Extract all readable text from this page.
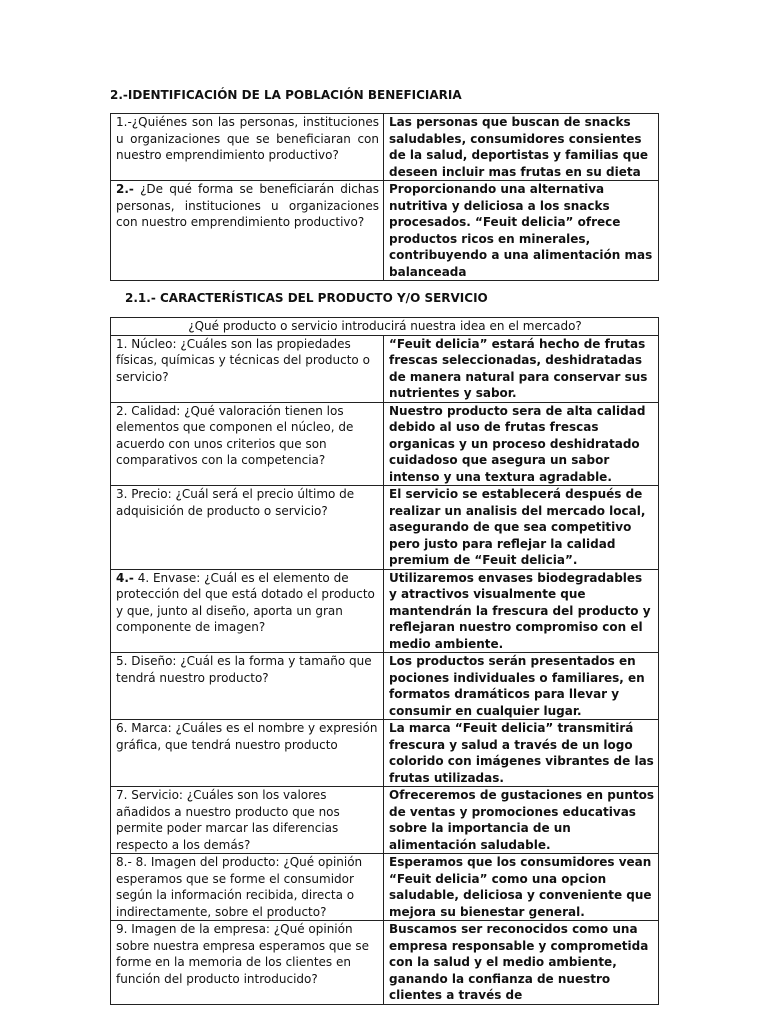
2.-IDENTIFICACIÓN DE LA POBLACIÓN BENEFICIARIA
1.-¿Quiénes son las personas, instituciones u organizaciones que se beneficiaran con nuestro emprendimiento productivo?	Las personas que buscan de snacks saludables, consumidores consientes de la salud, deportistas y familias que deseen incluir mas frutas en su dieta
2.- ¿De qué forma se beneficiarán dichas personas, instituciones u organizaciones con nuestro emprendimiento productivo?	Proporcionando una alternativa nutritiva y deliciosa a los snacks procesados. “Feuit delicia” ofrece productos ricos en minerales, contribuyendo a una alimentación mas balanceada
2.1.- CARACTERÍSTICAS DEL PRODUCTO Y/O SERVICIO
¿Qué producto o servicio introducirá nuestra idea en el mercado?	
1. Núcleo: ¿Cuáles son las propiedades físicas, químicas y técnicas del producto o servicio?	“Feuit delicia” estará hecho de frutas frescas seleccionadas, deshidratadas de manera natural para conservar sus nutrientes y sabor.
2. Calidad: ¿Qué valoración tienen los elementos que componen el núcleo, de acuerdo con unos criterios que son comparativos con la competencia?	Nuestro producto sera de alta calidad debido al uso de frutas frescas organicas y un proceso deshidratado cuidadoso que asegura un sabor intenso y una textura agradable.
3. Precio: ¿Cuál será el precio último de adquisición de producto o servicio?	El servicio se establecerá después de realizar un analisis del mercado local, asegurando de que sea competitivo pero justo para reflejar la calidad premium de “Feuit delicia”.
4.- 4. Envase: ¿Cuál es el elemento de protección del que está dotado el producto y que, junto al diseño, aporta un gran componente de imagen?	Utilizaremos envases biodegradables y atractivos visualmente que mantendrán la frescura del producto y reflejaran nuestro compromiso con el medio ambiente.
5. Diseño: ¿Cuál es la forma y tamaño que tendrá nuestro producto?	Los productos serán presentados en pociones individuales o familiares, en formatos dramáticos para llevar y consumir en cualquier lugar.
6. Marca: ¿Cuáles es el nombre y expresión gráfica, que tendrá nuestro producto	La marca “Feuit delicia” transmitirá frescura y salud a través de un logo colorido con imágenes vibrantes de las frutas utilizadas.
7. Servicio: ¿Cuáles son los valores añadidos a nuestro producto que nos permite poder marcar las diferencias respecto a los demás?	Ofreceremos de gustaciones en puntos de ventas y promociones educativas sobre la importancia de un alimentación saludable.
8.- 8. Imagen del producto: ¿Qué opinión esperamos que se forme el consumidor según la información recibida, directa o indirectamente, sobre el producto?	Esperamos que los consumidores vean “Feuit delicia” como una opcion saludable, deliciosa y conveniente que mejora su bienestar general.
9. Imagen de la empresa: ¿Qué opinión sobre nuestra empresa esperamos que se forme en la memoria de los clientes en función del producto introducido?	Buscamos ser reconocidos como una empresa responsable y comprometida con la salud y el medio ambiente, ganando la confianza de nuestro clientes a través de
